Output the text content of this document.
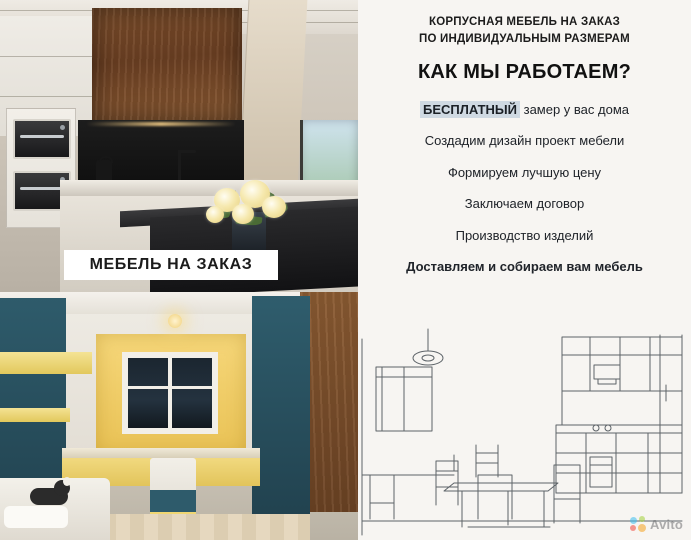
МЕБЕЛЬ НА ЗАКАЗ
КОРПУСНАЯ МЕБЕЛЬ НА ЗАКАЗ
ПО ИНДИВИДУАЛЬНЫМ РАЗМЕРАМ
КАК МЫ РАБОТАЕМ?
БЕСПЛАТНЫЙ замер у вас дома
Создадим дизайн проект мебели
Формируем лучшую цену
Заключаем договор
Производство изделий
Доставляем и собираем вам мебель
Avito
